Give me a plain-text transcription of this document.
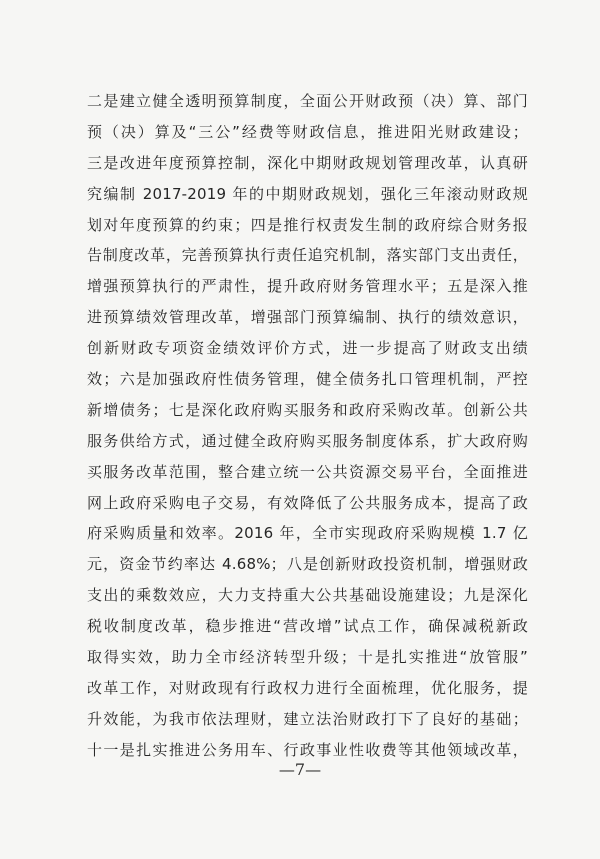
二是建立健全透明预算制度，全面公开财政预（决）算、部门
预（决）算及“三公”经费等财政信息，推进阳光财政建设；
三是改进年度预算控制，深化中期财政规划管理改革，认真研
究编制 2017-2019 年的中期财政规划，强化三年滚动财政规
划对年度预算的约束；四是推行权责发生制的政府综合财务报
告制度改革，完善预算执行责任追究机制，落实部门支出责任，
增强预算执行的严肃性，提升政府财务管理水平；五是深入推
进预算绩效管理改革，增强部门预算编制、执行的绩效意识，
创新财政专项资金绩效评价方式，进一步提高了财政支出绩
效；六是加强政府性债务管理，健全债务扎口管理机制，严控
新增债务；七是深化政府购买服务和政府采购改革。创新公共
服务供给方式，通过健全政府购买服务制度体系，扩大政府购
买服务改革范围，整合建立统一公共资源交易平台，全面推进
网上政府采购电子交易，有效降低了公共服务成本，提高了政
府采购质量和效率。2016 年，全市实现政府采购规模 1.7 亿
元，资金节约率达 4.68%；八是创新财政投资机制，增强财政
支出的乘数效应，大力支持重大公共基础设施建设；九是深化
税收制度改革，稳步推进“营改增”试点工作，确保减税新政
取得实效，助力全市经济转型升级；十是扎实推进“放管服”
改革工作，对财政现有行政权力进行全面梳理，优化服务，提
升效能，为我市依法理财，建立法治财政打下了良好的基础；
十一是扎实推进公务用车、行政事业性收费等其他领域改革，
—7—
